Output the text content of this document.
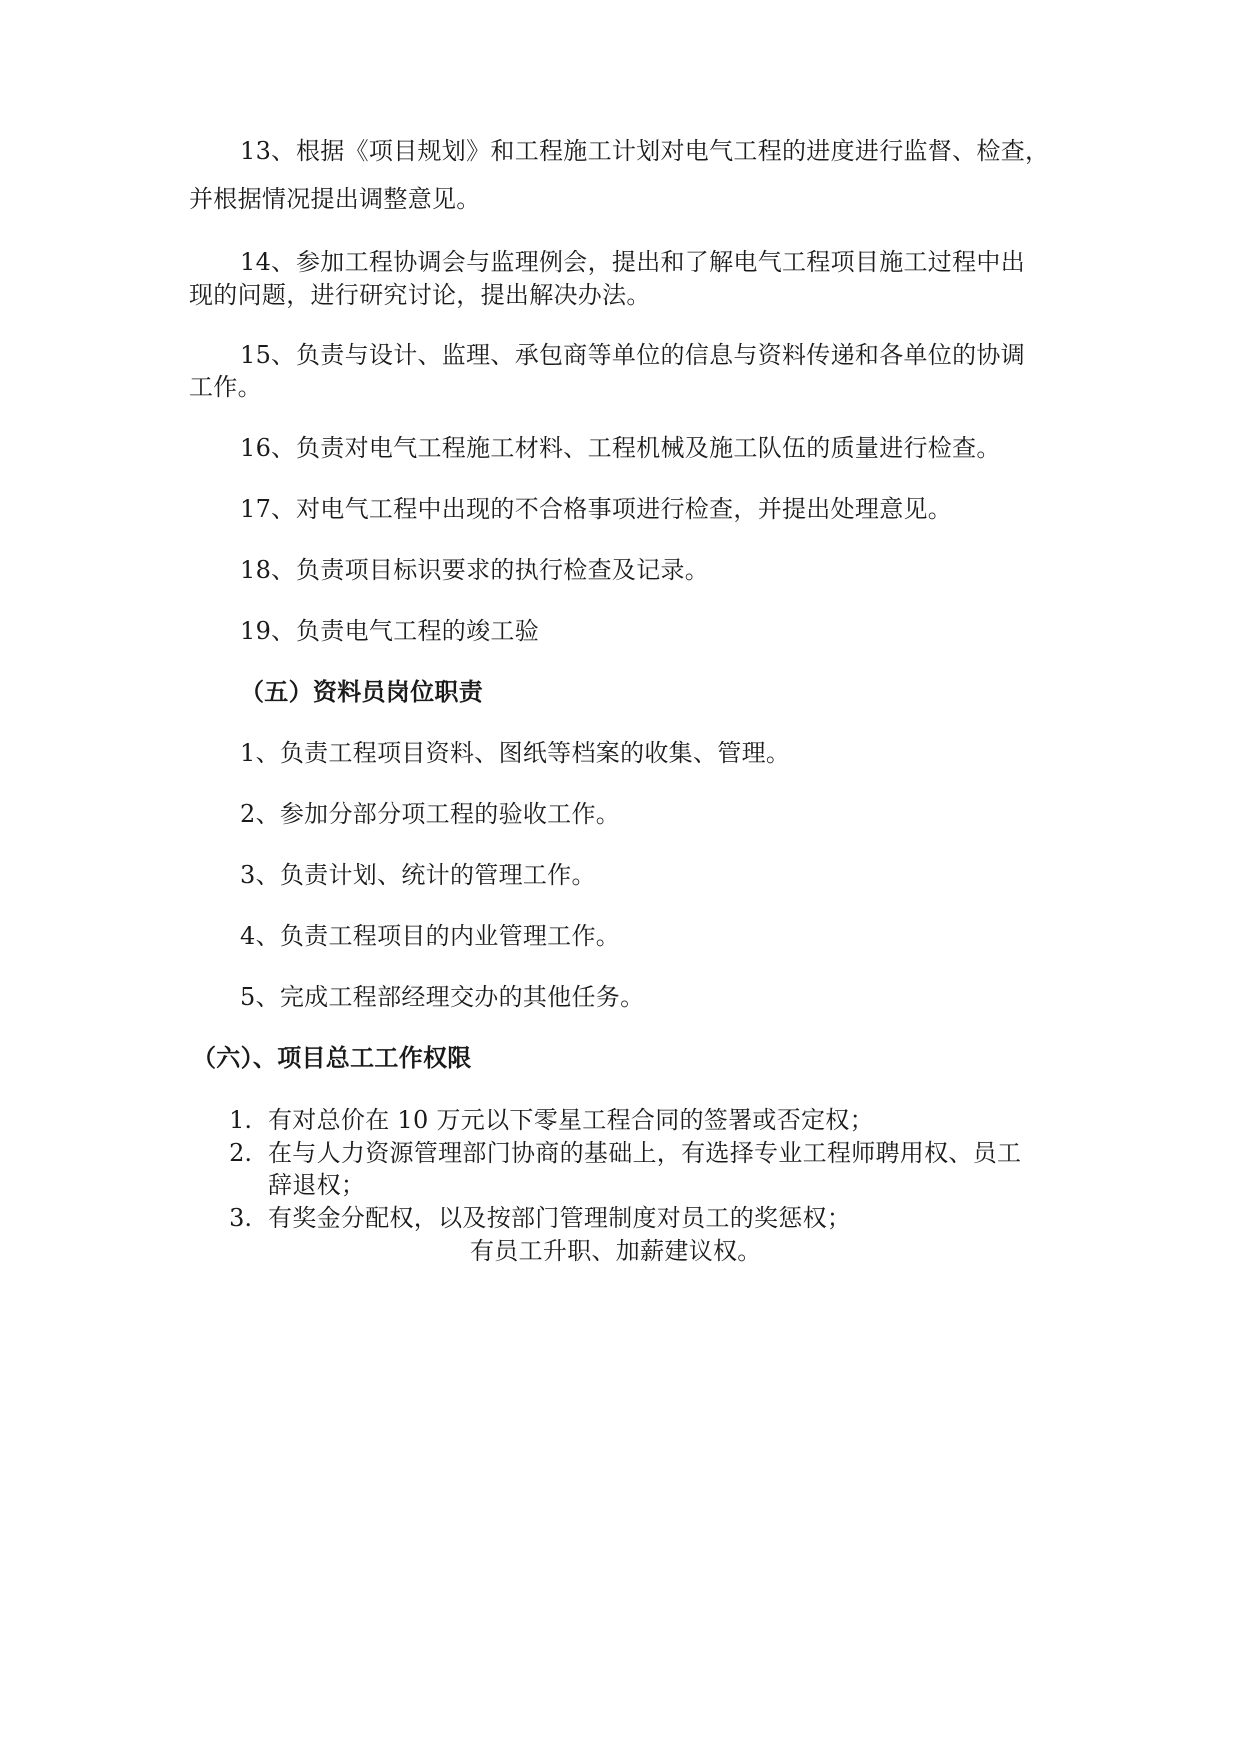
13、根据《项目规划》和工程施工计划对电气工程的进度进行监督、检查，
并根据情况提出调整意见。
14、参加工程协调会与监理例会，提出和了解电气工程项目施工过程中出
现的问题，进行研究讨论，提出解决办法。
15、负责与设计、监理、承包商等单位的信息与资料传递和各单位的协调
工作。
16、负责对电气工程施工材料、工程机械及施工队伍的质量进行检查。
17、对电气工程中出现的不合格事项进行检查，并提出处理意见。
18、负责项目标识要求的执行检查及记录。
19、负责电气工程的竣工验
（五）资料员岗位职责
1、负责工程项目资料、图纸等档案的收集、管理。
2、参加分部分项工程的验收工作。
3、负责计划、统计的管理工作。
4、负责工程项目的内业管理工作。
5、完成工程部经理交办的其他任务。
（六）、项目总工工作权限
1. 有对总价在 10 万元以下零星工程合同的签署或否定权；
2. 在与人力资源管理部门协商的基础上，有选择专业工程师聘用权、员工
辞退权；
3. 有奖金分配权，以及按部门管理制度对员工的奖惩权；
有员工升职、加薪建议权。
